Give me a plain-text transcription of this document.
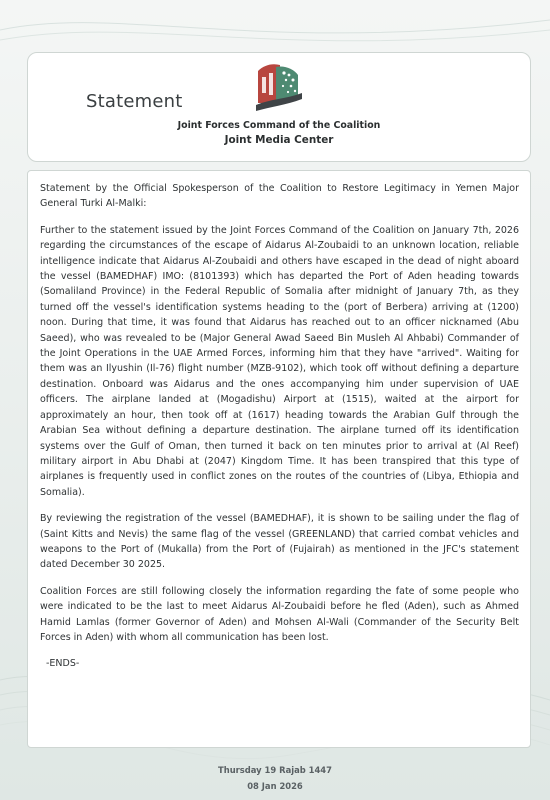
Statement
Joint Forces Command of the Coalition
Joint Media Center

Statement by the Official Spokesperson of the Coalition to Restore Legitimacy in Yemen Major General Turki Al-Malki:

Further to the statement issued by the Joint Forces Command of the Coalition on January 7th, 2026 regarding the circumstances of the escape of Aidarus Al-Zoubaidi to an unknown location, reliable intelligence indicate that Aidarus Al-Zoubaidi and others have escaped in the dead of night aboard the vessel (BAMEDHAF) IMO: (8101393) which has departed the Port of Aden heading towards (Somaliland Province) in the Federal Republic of Somalia after midnight of January 7th, as they turned off the vessel's identification systems heading to the (port of Berbera) arriving at (1200) noon. During that time, it was found that Aidarus has reached out to an officer nicknamed (Abu Saeed), who was revealed to be (Major General Awad Saeed Bin Musleh Al Ahbabi) Commander of the Joint Operations in the UAE Armed Forces, informing him that they have "arrived". Waiting for them was an Ilyushin (Il-76) flight number (MZB-9102), which took off without defining a departure destination. Onboard was Aidarus and the ones accompanying him under supervision of UAE officers. The airplane landed at (Mogadishu) Airport at (1515), waited at the airport for approximately an hour, then took off at (1617) heading towards the Arabian Gulf through the Arabian Sea without defining a departure destination. The airplane turned off its identification systems over the Gulf of Oman, then turned it back on ten minutes prior to arrival at (Al Reef) military airport in Abu Dhabi at (2047) Kingdom Time. It has been transpired that this type of airplanes is frequently used in conflict zones on the routes of the countries of (Libya, Ethiopia and Somalia).

By reviewing the registration of the vessel (BAMEDHAF), it is shown to be sailing under the flag of (Saint Kitts and Nevis) the same flag of the vessel (GREENLAND) that carried combat vehicles and weapons to the Port of (Mukalla) from the Port of (Fujairah) as mentioned in the JFC's statement dated December 30 2025.

Coalition Forces are still following closely the information regarding the fate of some people who were indicated to be the last to meet Aidarus Al-Zoubaidi before he fled (Aden), such as Ahmed Hamid Lamlas (former Governor of Aden) and Mohsen Al-Wali (Commander of the Security Belt Forces in Aden) with whom all communication has been lost.

-ENDS-

Thursday 19 Rajab 1447
08 Jan 2026
